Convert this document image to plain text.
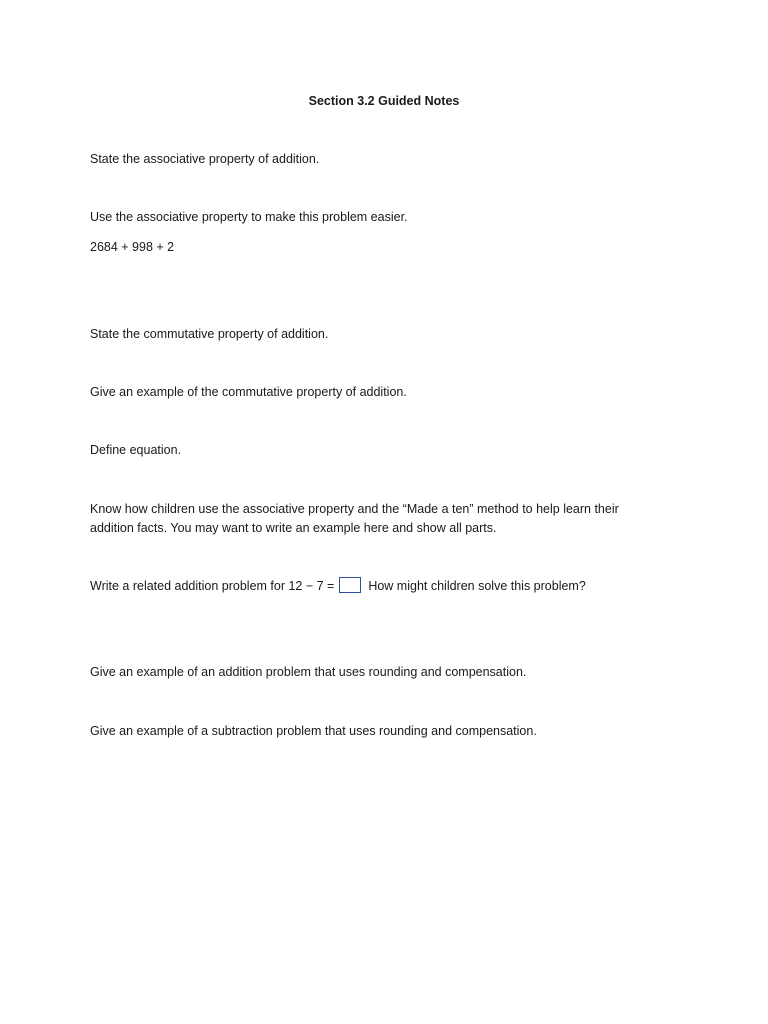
Section 3.2 Guided Notes
State the associative property of addition.
Use the associative property to make this problem easier.
2684 + 998 + 2
State the commutative property of addition.
Give an example of the commutative property of addition.
Define equation.
Know how children use the associative property and the “Made a ten” method to help learn their addition facts. You may want to write an example here and show all parts.
Write a related addition problem for 12 − 7 =	How might children solve this problem?
Give an example of an addition problem that uses rounding and compensation.
Give an example of a subtraction problem that uses rounding and compensation.
